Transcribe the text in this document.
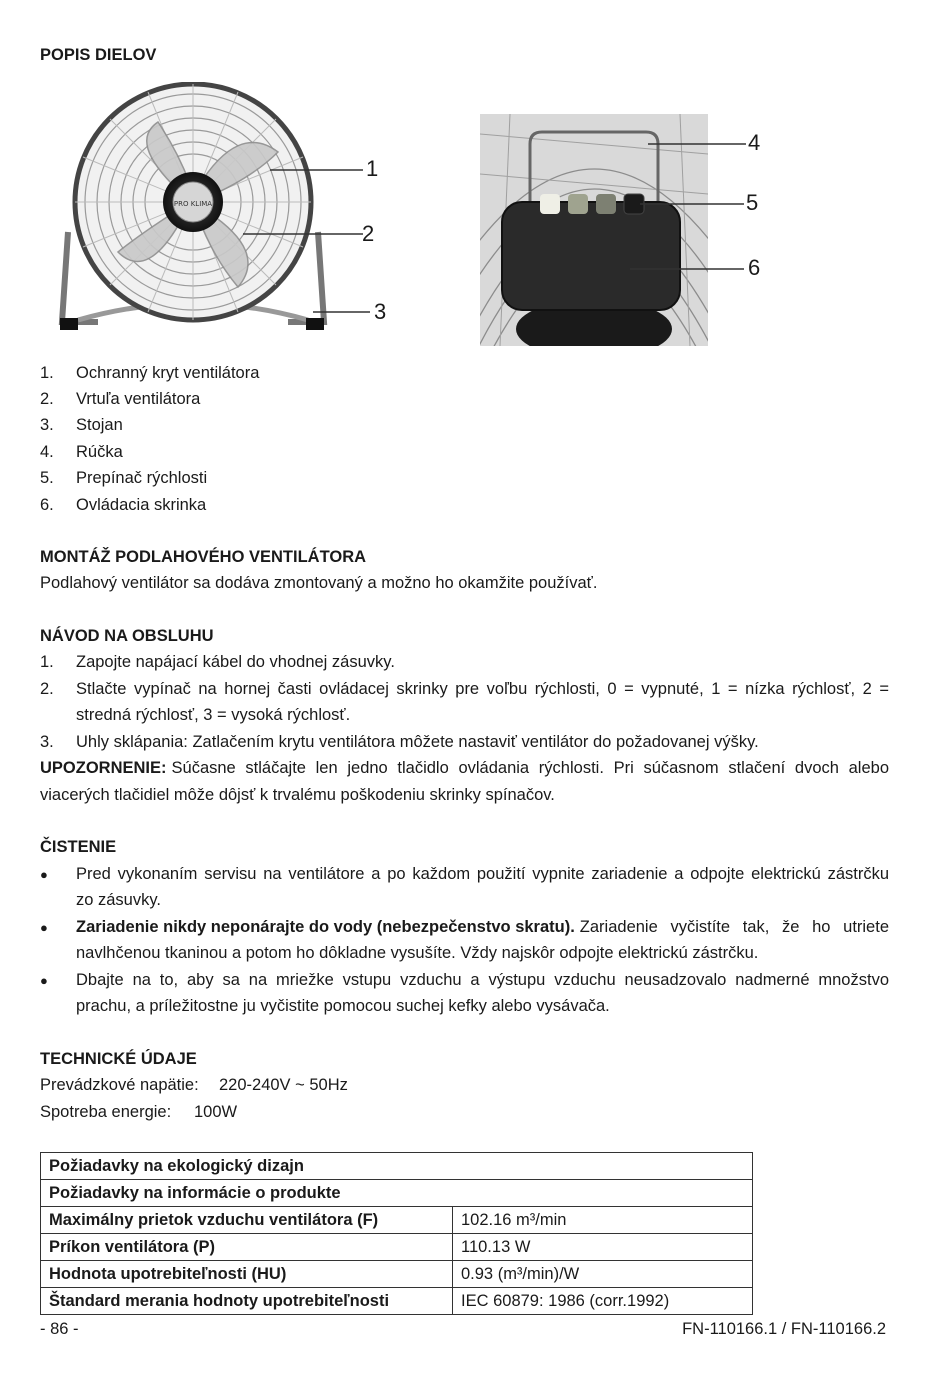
POPIS DIELOV
PRO KLIMA
1
2
3
4
5
6
1. Ochranný kryt ventilátora
2. Vrtuľa ventilátora
3. Stojan
4. Rúčka
5. Prepínač rýchlosti
6. Ovládacia skrinka
MONTÁŽ PODLAHOVÉHO VENTILÁTORA
Podlahový ventilátor sa dodáva zmontovaný a možno ho okamžite používať.
NÁVOD NA OBSLUHU
1. Zapojte napájací kábel do vhodnej zásuvky.
2. Stlačte vypínač na hornej časti ovládacej skrinky pre voľbu rýchlosti, 0 = vypnuté, 1 = nízka rýchlosť, 2 =
stredná rýchlosť, 3 = vysoká rýchlosť.
3. Uhly sklápania: Zatlačením krytu ventilátora môžete nastaviť ventilátor do požadovanej výšky.
UPOZORNENIE: Súčasne stláčajte len jedno tlačidlo ovládania rýchlosti. Pri súčasnom stlačení dvoch alebo
viacerých tlačidiel môže dôjsť k trvalému poškodeniu skrinky spínačov.
ČISTENIE
● Pred vykonaním servisu na ventilátore a po každom použití vypnite zariadenie a odpojte elektrickú zástrčku
zo zásuvky.
● Zariadenie nikdy neponárajte do vody (nebezpečenstvo skratu). Zariadenie vyčistíte tak, že ho utriete
navlhčenou tkaninou a potom ho dôkladne vysušíte. Vždy najskôr odpojte elektrickú zástrčku.
● Dbajte na to, aby sa na mriežke vstupu vzduchu a výstupu vzduchu neusadzovalo nadmerné množstvo
prachu, a príležitostne ju vyčistite pomocou suchej kefky alebo vysávača.
TECHNICKÉ ÚDAJE
Prevádzkové napätie: 220-240V ~ 50Hz
Spotreba energie: 100W
Požiadavky na ekologický dizajn	
Požiadavky na informácie o produkte	
Maximálny prietok vzduchu ventilátora (F)	102.16 m³/min
Príkon ventilátora (P)	110.13 W
Hodnota upotrebiteľnosti (HU)	0.93 (m³/min)/W
Štandard merania hodnoty upotrebiteľnosti	IEC 60879: 1986 (corr.1992)
- 86 -	FN-110166.1 / FN-110166.2
